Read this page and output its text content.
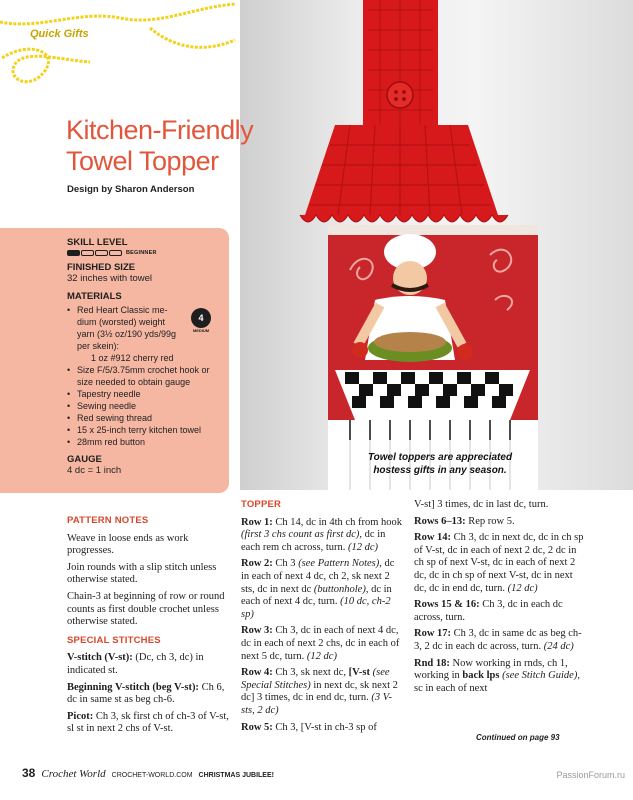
Quick Gifts
Towel toppers are appreciated
hostess gifts in any season.
Kitchen-Friendly
Towel Topper
Design by Sharon Anderson
SKILL LEVEL
BEGINNER
FINISHED SIZE
32 inches with towel
MATERIALS
4
MEDIUM
• Red Heart Classic me-
dium (worsted) weight
yarn (3½ oz/190 yds/99g
per skein):
1 oz #912 cherry red
• Size F/5/3.75mm crochet hook or
size needed to obtain gauge
• Tapestry needle
• Sewing needle
• Red sewing thread
• 15 x 25-inch terry kitchen towel
• 28mm red button
GAUGE
4 dc = 1 inch
PATTERN NOTES

Weave in loose ends as work progresses.

Join rounds with a slip stitch unless otherwise stated.

Chain-3 at beginning of row or round counts as first double crochet unless otherwise stated.

SPECIAL STITCHES

V-stitch (V-st): (Dc, ch 3, dc) in indicated st.

Beginning V-stitch (beg V-st): Ch 6, dc in same st as beg ch-6.

Picot: Ch 3, sk first ch of ch-3 of V-st, sl st in next 2 chs of V-st.

TOPPER

Row 1: Ch 14, dc in 4th ch from hook (first 3 chs count as first dc), dc in each rem ch across, turn. (12 dc)

Row 2: Ch 3 (see Pattern Notes), dc in each of next 4 dc, ch 2, sk next 2 sts, dc in next dc (buttonhole), dc in each of next 4 dc, turn. (10 dc, ch-2 sp)

Row 3: Ch 3, dc in each of next 4 dc, dc in each of next 2 chs, dc in each of next 5 dc, turn. (12 dc)

Row 4: Ch 3, sk next dc, [V-st (see Special Stitches) in next dc, sk next 2 dc] 3 times, dc in end dc, turn. (3 V-sts, 2 dc)

Row 5: Ch 3, [V-st in ch-3 sp of

V-st] 3 times, dc in last dc, turn.

Rows 6–13: Rep row 5.

Row 14: Ch 3, dc in next dc, dc in ch sp of V-st, dc in each of next 2 dc, 2 dc in ch sp of next V-st, dc in each of next 2 dc, dc in ch sp of next V-st, dc in next dc, dc in end dc, turn. (12 dc)

Rows 15 & 16: Ch 3, dc in each dc across, turn.

Row 17: Ch 3, dc in same dc as beg ch-3, 2 dc in each dc across, turn. (24 dc)

Rnd 18: Now working in rnds, ch 1, working in back lps (see Stitch Guide), sc in each of next

Continued on page 93
38 Crochet World CROCHET-WORLD.COM CHRISTMAS JUBILEE!	PassionForum.ru
